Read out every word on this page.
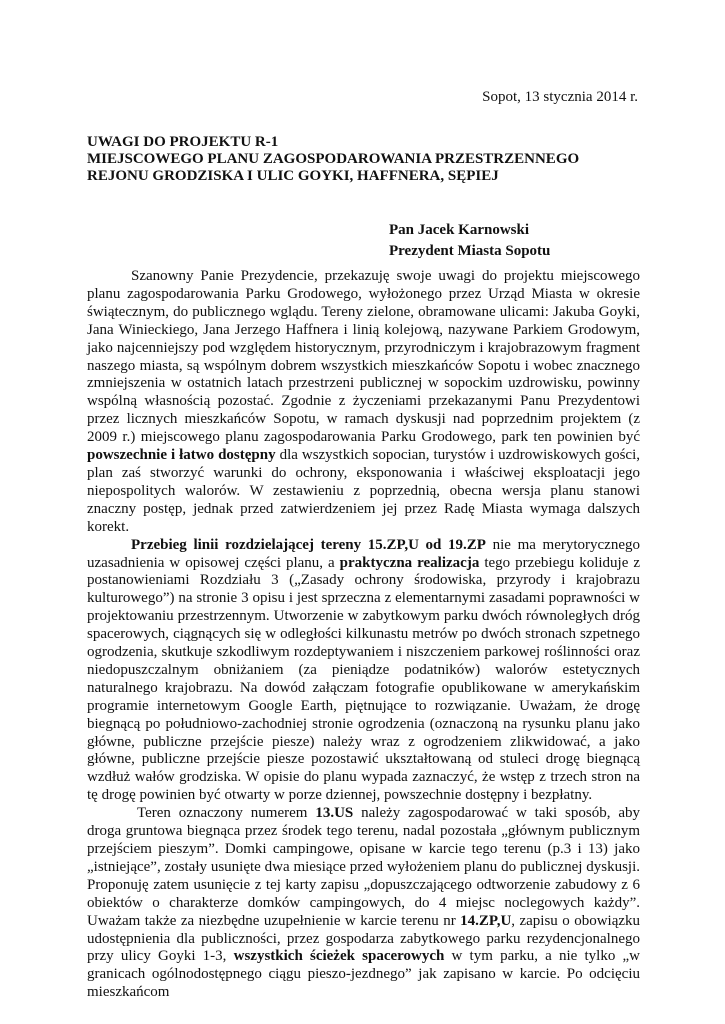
Sopot, 13 stycznia 2014 r.
UWAGI DO PROJEKTU R-1
MIEJSCOWEGO PLANU ZAGOSPODAROWANIA PRZESTRZENNEGO
REJONU GRODZISKA I ULIC GOYKI, HAFFNERA, SĘPIEJ
Pan Jacek Karnowski
Prezydent Miasta Sopotu

Szanowny Panie Prezydencie, przekazuję swoje uwagi do projektu miejscowego planu zagospodarowania Parku Grodowego, wyłożonego przez Urząd Miasta w okresie świątecznym, do publicznego wglądu. Tereny zielone, obramowane ulicami: Jakuba Goyki, Jana Winieckiego, Jana Jerzego Haffnera i linią kolejową, nazywane Parkiem Grodowym, jako najcenniejszy pod względem historycznym, przyrodniczym i krajobrazowym fragment naszego miasta, są wspólnym dobrem wszystkich mieszkańców Sopotu i wobec znacznego zmniejszenia w ostatnich latach przestrzeni publicznej w sopockim uzdrowisku, powinny wspólną własnością pozostać. Zgodnie z życzeniami przekazanymi Panu Prezydentowi przez licznych mieszkańców Sopotu, w ramach dyskusji nad poprzednim projektem (z 2009 r.) miejscowego planu zagospodarowania Parku Grodowego, park ten powinien być powszechnie i łatwo dostępny dla wszystkich sopocian, turystów i uzdrowiskowych gości, plan zaś stworzyć warunki do ochrony, eksponowania i właściwej eksploatacji jego niepospolitych walorów. W zestawieniu z poprzednią, obecna wersja planu stanowi znaczny postęp, jednak przed zatwierdzeniem jej przez Radę Miasta wymaga dalszych korekt.

Przebieg linii rozdzielającej tereny 15.ZP,U od 19.ZP nie ma merytorycznego uzasadnienia w opisowej części planu, a praktyczna realizacja tego przebiegu koliduje z postanowieniami Rozdziału 3 („Zasady ochrony środowiska, przyrody i krajobrazu kulturowego”) na stronie 3 opisu i jest sprzeczna z elementarnymi zasadami poprawności w projektowaniu przestrzennym. Utworzenie w zabytkowym parku dwóch równoległych dróg spacerowych, ciągnących się w odległości kilkunastu metrów po dwóch stronach szpetnego ogrodzenia, skutkuje szkodliwym rozdeptywaniem i niszczeniem parkowej roślinności oraz niedopuszczalnym obniżaniem (za pieniądze podatników) walorów estetycznych naturalnego krajobrazu. Na dowód załączam fotografie opublikowane w amerykańskim programie internetowym Google Earth, piętnujące to rozwiązanie. Uważam, że drogę biegnącą po południowo-zachodniej stronie ogrodzenia (oznaczoną na rysunku planu jako główne, publiczne przejście piesze) należy wraz z ogrodzeniem zlikwidować, a jako główne, publiczne przejście piesze pozostawić ukształtowaną od stuleci drogę biegnącą wzdłuż wałów grodziska. W opisie do planu wypada zaznaczyć, że wstęp z trzech stron na tę drogę powinien być otwarty w porze dziennej, powszechnie dostępny i bezpłatny.

Teren oznaczony numerem 13.US należy zagospodarować w taki sposób, aby droga gruntowa biegnąca przez środek tego terenu, nadal pozostała „głównym publicznym przejściem pieszym”. Domki campingowe, opisane w karcie tego terenu (p.3 i 13) jako „istniejące”, zostały usunięte dwa miesiące przed wyłożeniem planu do publicznej dyskusji. Proponuję zatem usunięcie z tej karty zapisu „dopuszczającego odtworzenie zabudowy z 6 obiektów o charakterze domków campingowych, do 4 miejsc noclegowych każdy”. Uważam także za niezbędne uzupełnienie w karcie terenu nr 14.ZP,U, zapisu o obowiązku udostępnienia dla publiczności, przez gospodarza zabytkowego parku rezydencjonalnego przy ulicy Goyki 1-3, wszystkich ścieżek spacerowych w tym parku, a nie tylko „w granicach ogólnodostępnego ciągu pieszo-jezdnego” jak zapisano w karcie. Po odcięciu mieszkańcom
